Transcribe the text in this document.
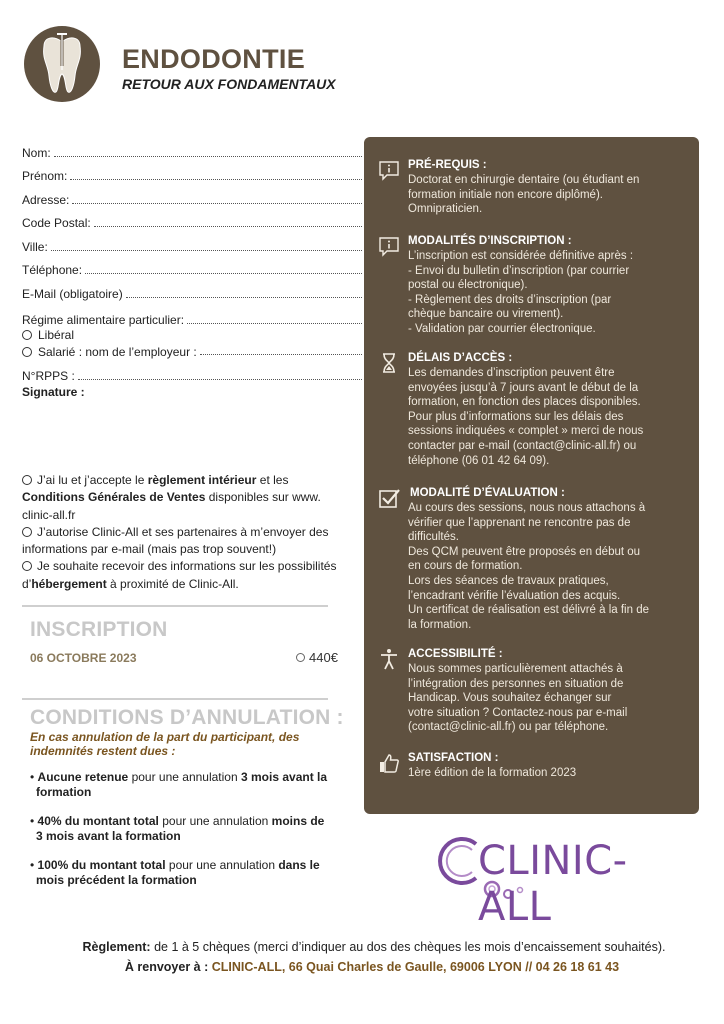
ENDODONTIE
RETOUR AUX FONDAMENTAUX
Nom:
Prénom:
Adresse:
Code Postal:
Ville:
Téléphone:
E-Mail (obligatoire)
Régime alimentaire particulier:
Libéral
Salarié : nom de l’employeur :
N°RPPS :
Signature :

J’ai lu et j’accepte le règlement intérieur et les Conditions Générales de Ventes disponibles sur www. clinic-all.fr

J’autorise Clinic-All et ses partenaires à m’envoyer des informations par e-mail (mais pas trop souvent!)

Je souhaite recevoir des informations sur les possibilités d’hébergement à proximité de Clinic-All.

INSCRIPTION
06 OCTOBRE 2023	440€
CONDITIONS D’ANNULATION :
En cas annulation de la part du participant, des indemnités restent dues :
• Aucune retenue pour une annulation 3 mois avant la formation
• 40% du montant total pour une annulation moins de 3 mois avant la formation
• 100% du montant total pour une annulation dans le mois précédent la formation
PRÉ-REQUIS :
Doctorat en chirurgie dentaire (ou étudiant en
formation initiale non encore diplômé).
Omnipraticien.
MODALITÉS D’INSCRIPTION :
L’inscription est considérée définitive après :
- Envoi du bulletin d’inscription (par courrier
postal ou électronique).
- Règlement des droits d’inscription (par
chèque bancaire ou virement).
- Validation par courrier électronique.
DÉLAIS D’ACCÈS :
Les demandes d’inscription peuvent être
envoyées jusqu’à 7 jours avant le début de la
formation, en fonction des places disponibles.
Pour plus d’informations sur les délais des
sessions indiquées « complet » merci de nous
contacter par e-mail (contact@clinic-all.fr) ou
téléphone (06 01 42 64 09).
MODALITÉ D’ÉVALUATION :
Au cours des sessions, nous nous attachons à
vérifier que l’apprenant ne rencontre pas de
difficultés.
Des QCM peuvent être proposés en début ou
en cours de formation.
Lors des séances de travaux pratiques,
l’encadrant vérifie l’évaluation des acquis.
Un certificat de réalisation est délivré à la fin de
la formation.
ACCESSIBILITÉ :
Nous sommes particulièrement attachés à
l’intégration des personnes en situation de
Handicap. Vous souhaitez échanger sur
votre situation ? Contactez-nous par e-mail
(contact@clinic-all.fr) ou par téléphone.
SATISFACTION :
1ère édition de la formation 2023
CLINIC-ALL
Règlement: de 1 à 5 chèques (merci d’indiquer au dos des chèques les mois d’encaissement souhaités).
À renvoyer à : CLINIC-ALL, 66 Quai Charles de Gaulle, 69006 LYON // 04 26 18 61 43
